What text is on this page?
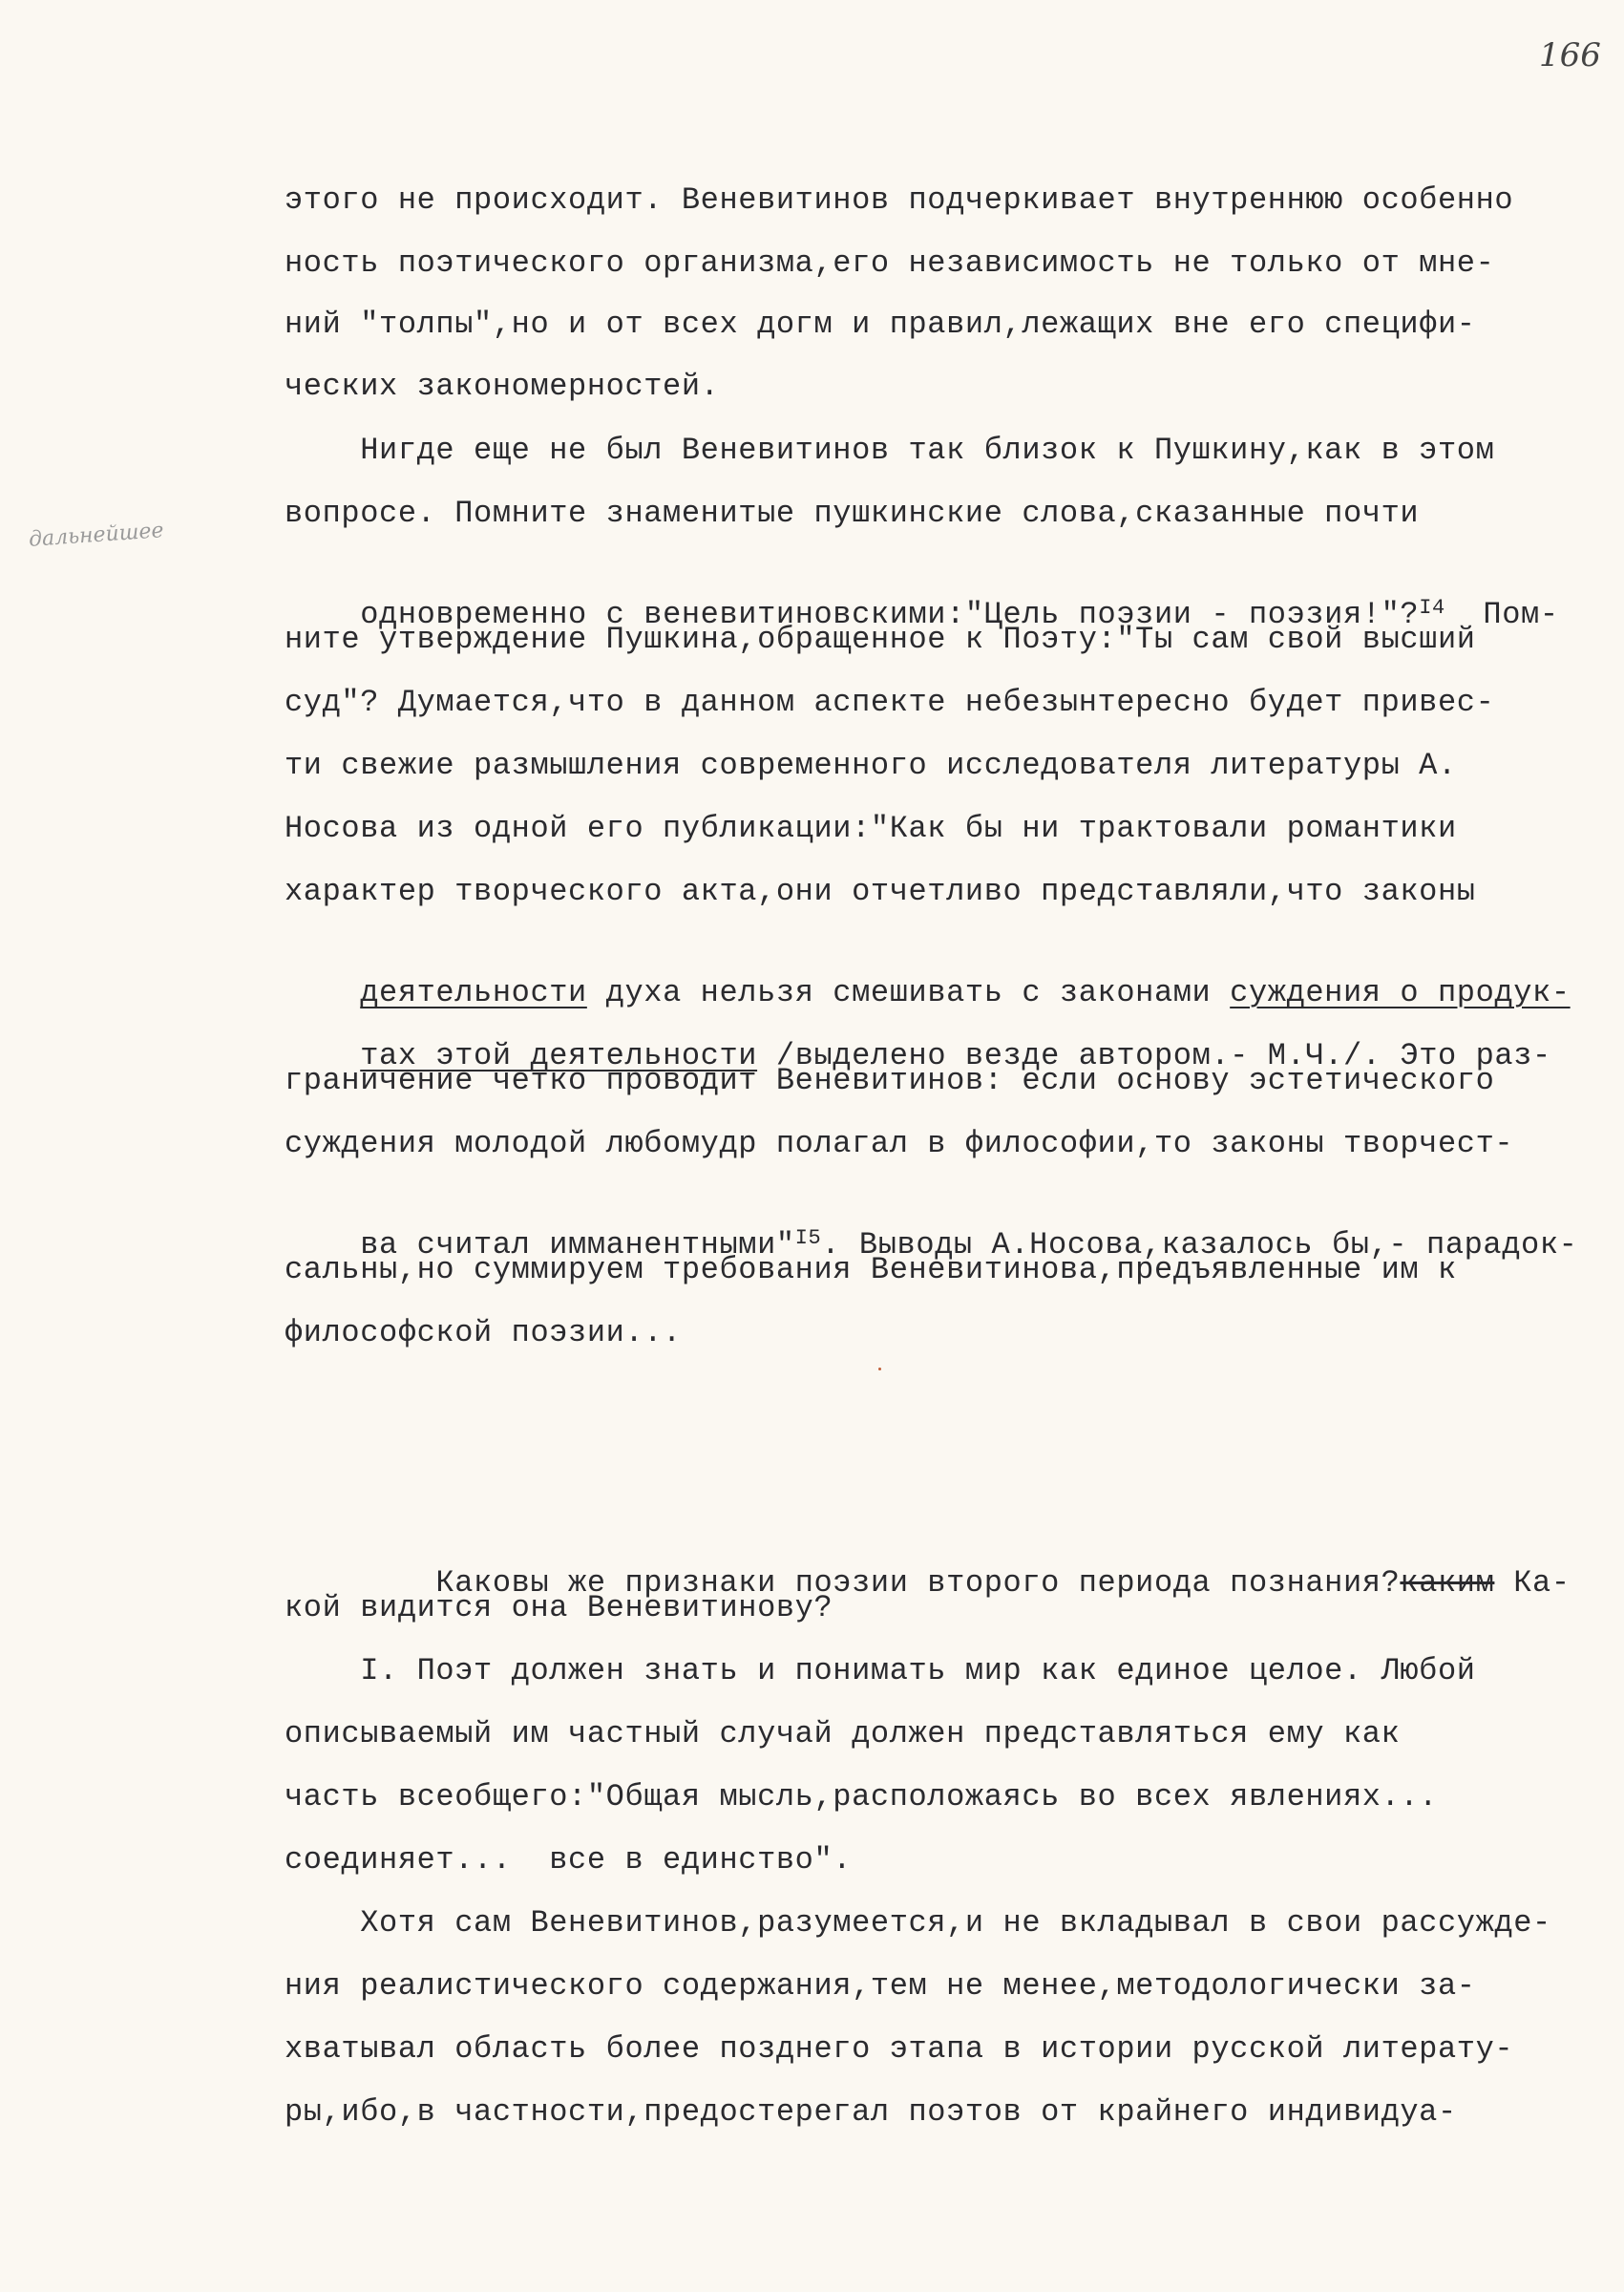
166
дальнейшее
этого не происходит. Веневитинов подчеркивает внутреннюю особенно
ность поэтического организма,его независимость не только от мне-
ний "толпы",но и от всех догм и правил,лежащих вне его специфи-
ческих закономерностей.
Нигде еще не был Веневитинов так близок к Пушкину,как в этом
вопросе. Помните знаменитые пушкинские слова,сказанные почти

одновременно с веневитиновскими:"Цель поэзии - поэзия!"?$^{I4}$  Пом-

ните утверждение Пушкина,обращенное к Поэту:"Ты сам свой высший
суд"? Думается,что в данном аспекте небезынтересно будет привес-
ти свежие размышления современного исследователя литературы А.
Носова из одной его публикации:"Как бы ни трактовали романтики
характер творческого акта,они отчетливо представляли,что законы

деятельности духа нельзя смешивать с законами суждения о продук-

тах этой деятельности /выделено везде автором.- М.Ч./. Это раз-

граничение четко проводит Веневитинов: если основу эстетического
суждения молодой любомудр полагал в философии,то законы творчест-

ва считал имманентными"$^{I5}$. Выводы А.Носова,казалось бы,- парадок-

сальны,но суммируем требования Веневитинова,предъявленные им к
философской поэзии...

Каковы же признаки поэзии второго периода познания?каким Ка-

кой видится она Веневитинову?
I. Поэт должен знать и понимать мир как единое целое. Любой
описываемый им частный случай должен представляться ему как
часть всеобщего:"Общая мысль,расположаясь во всех явлениях...
соединяет...  все в единство".
Хотя сам Веневитинов,разумеется,и не вкладывал в свои рассужде-
ния реалистического содержания,тем не менее,методологически за-
хватывал область более позднего этапа в истории русской литерату-
ры,ибо,в частности,предостерегал поэтов от крайнего индивидуа-
